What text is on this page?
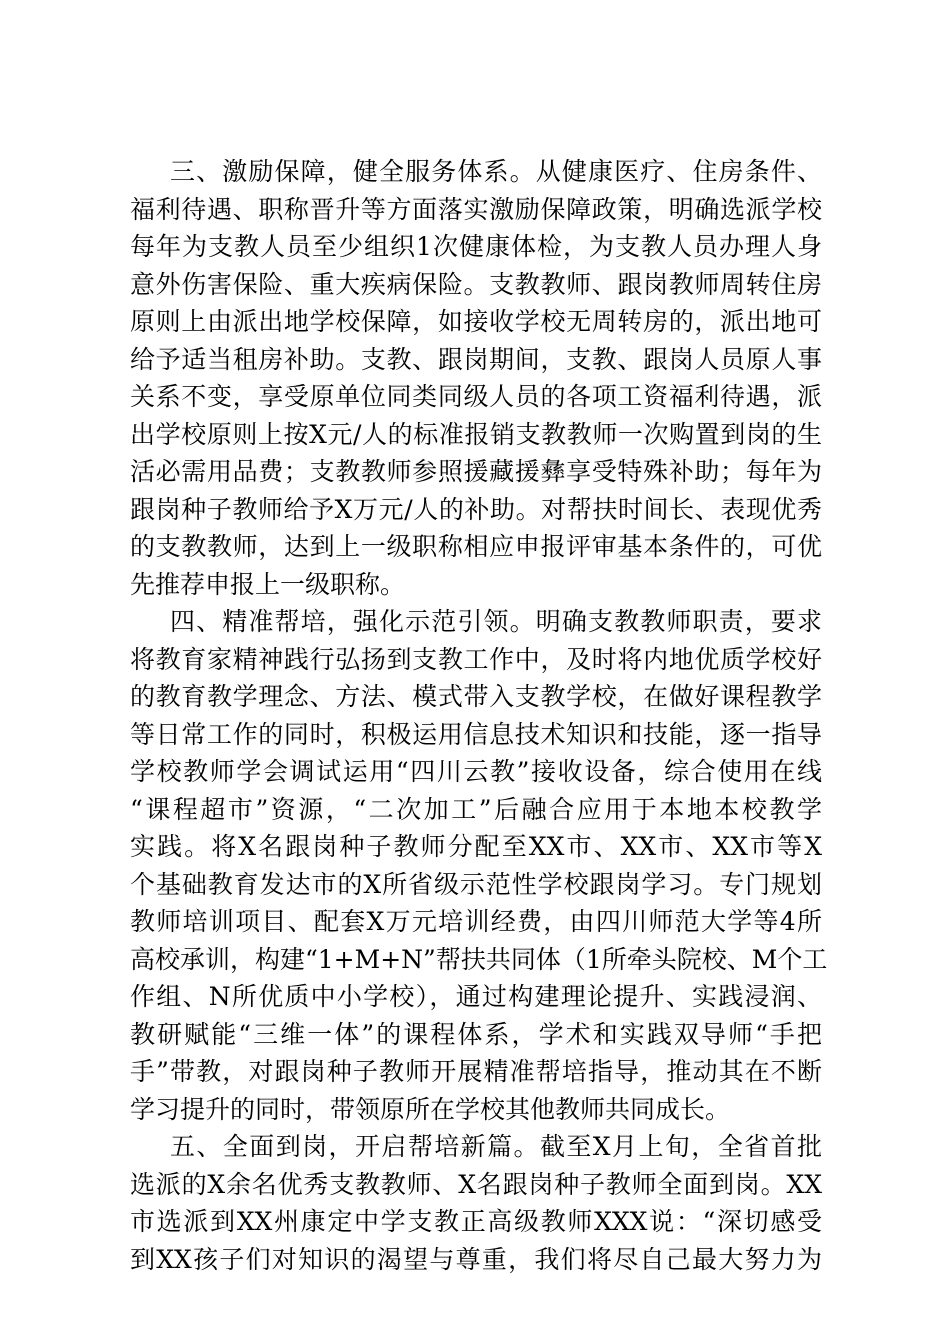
三、激励保障，健全服务体系。从健康医疗、住房条件、
福利待遇、职称晋升等方面落实激励保障政策，明确选派学校
每年为支教人员至少组织1次健康体检，为支教人员办理人身
意外伤害保险、重大疾病保险。支教教师、跟岗教师周转住房
原则上由派出地学校保障，如接收学校无周转房的，派出地可
给予适当租房补助。支教、跟岗期间，支教、跟岗人员原人事
关系不变，享受原单位同类同级人员的各项工资福利待遇，派
出学校原则上按X元/人的标准报销支教教师一次购置到岗的生
活必需用品费；支教教师参照援藏援彝享受特殊补助；每年为
跟岗种子教师给予X万元/人的补助。对帮扶时间长、表现优秀
的支教教师，达到上一级职称相应申报评审基本条件的，可优
先推荐申报上一级职称。
四、精准帮培，强化示范引领。明确支教教师职责，要求
将教育家精神践行弘扬到支教工作中，及时将内地优质学校好
的教育教学理念、方法、模式带入支教学校，在做好课程教学
等日常工作的同时，积极运用信息技术知识和技能，逐一指导
学校教师学会调试运用“四川云教”接收设备，综合使用在线
“课程超市”资源，“二次加工”后融合应用于本地本校教学
实践。将X名跟岗种子教师分配至XX市、XX市、XX市等X
个基础教育发达市的X所省级示范性学校跟岗学习。专门规划
教师培训项目、配套X万元培训经费，由四川师范大学等4所
高校承训，构建“1+M+N”帮扶共同体（1所牵头院校、M个工
作组、N所优质中小学校），通过构建理论提升、实践浸润、
教研赋能“三维一体”的课程体系，学术和实践双导师“手把
手”带教，对跟岗种子教师开展精准帮培指导，推动其在不断
学习提升的同时，带领原所在学校其他教师共同成长。
五、全面到岗，开启帮培新篇。截至X月上旬，全省首批
选派的X余名优秀支教教师、X名跟岗种子教师全面到岗。XX
市选派到XX州康定中学支教正高级教师XXX说：“深切感受
到XX孩子们对知识的渴望与尊重，我们将尽自己最大努力为
